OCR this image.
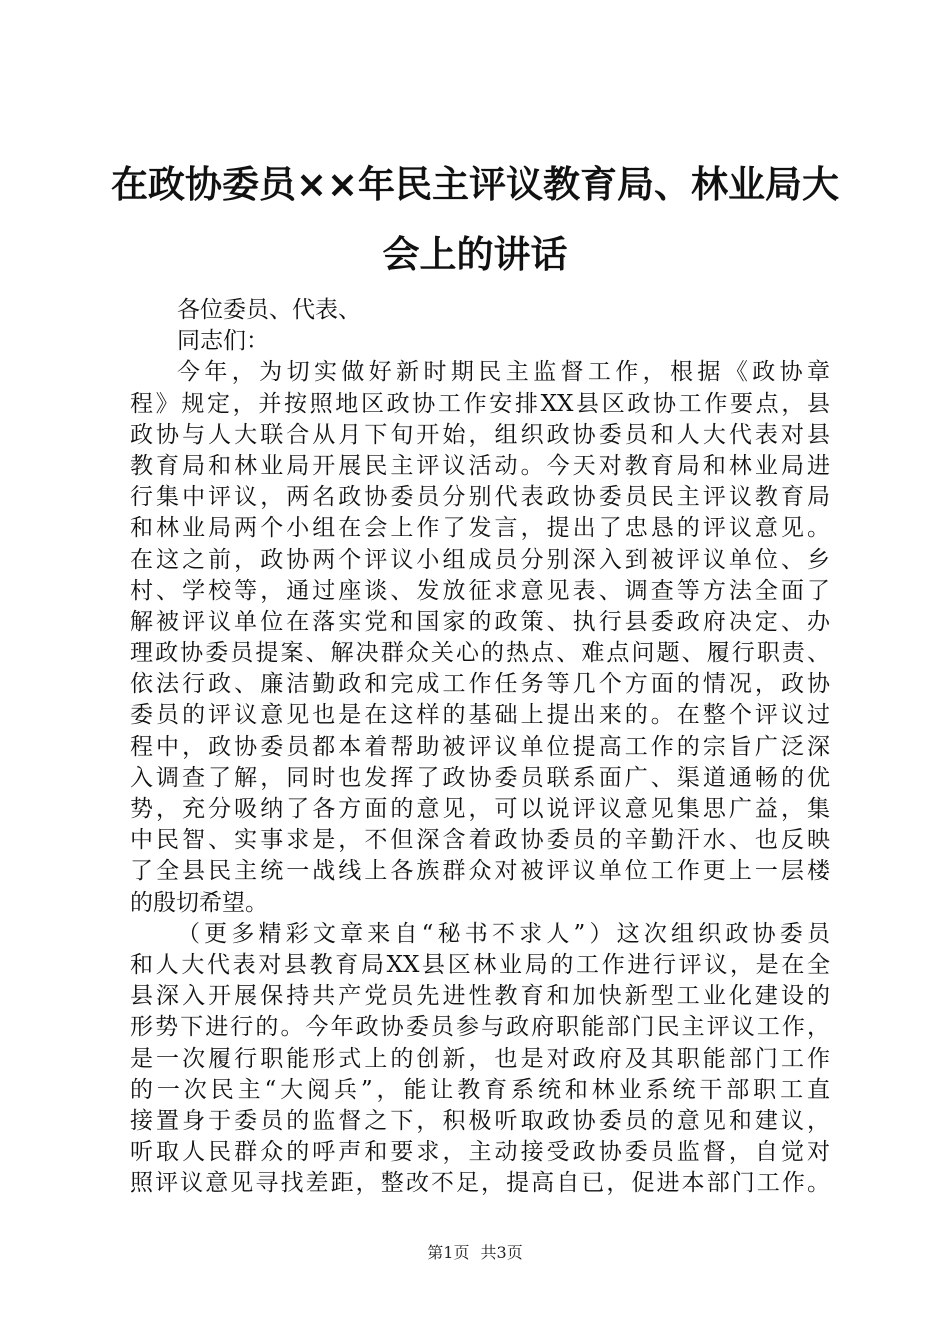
在政协委员××年民主评议教育局、林业局大
会上的讲话
各位委员、代表、
同志们：
今年，为切实做好新时期民主监督工作，根据《政协章
程》规定，并按照地区政协工作安排XX县区政协工作要点，县
政协与人大联合从月下旬开始，组织政协委员和人大代表对县
教育局和林业局开展民主评议活动。今天对教育局和林业局进
行集中评议，两名政协委员分别代表政协委员民主评议教育局
和林业局两个小组在会上作了发言，提出了忠恳的评议意见。
在这之前，政协两个评议小组成员分别深入到被评议单位、乡
村、学校等，通过座谈、发放征求意见表、调查等方法全面了
解被评议单位在落实党和国家的政策、执行县委政府决定、办
理政协委员提案、解决群众关心的热点、难点问题、履行职责、
依法行政、廉洁勤政和完成工作任务等几个方面的情况，政协
委员的评议意见也是在这样的基础上提出来的。在整个评议过
程中，政协委员都本着帮助被评议单位提高工作的宗旨广泛深
入调查了解，同时也发挥了政协委员联系面广、渠道通畅的优
势，充分吸纳了各方面的意见，可以说评议意见集思广益，集
中民智、实事求是，不但深含着政协委员的辛勤汗水、也反映
了全县民主统一战线上各族群众对被评议单位工作更上一层楼
的殷切希望。
（更多精彩文章来自“秘书不求人”）这次组织政协委员
和人大代表对县教育局XX县区林业局的工作进行评议，是在全
县深入开展保持共产党员先进性教育和加快新型工业化建设的
形势下进行的。今年政协委员参与政府职能部门民主评议工作，
是一次履行职能形式上的创新，也是对政府及其职能部门工作
的一次民主“大阅兵”，能让教育系统和林业系统干部职工直
接置身于委员的监督之下，积极听取政协委员的意见和建议，
听取人民群众的呼声和要求，主动接受政协委员监督，自觉对
照评议意见寻找差距，整改不足，提高自已，促进本部门工作。
第1页 共3页
